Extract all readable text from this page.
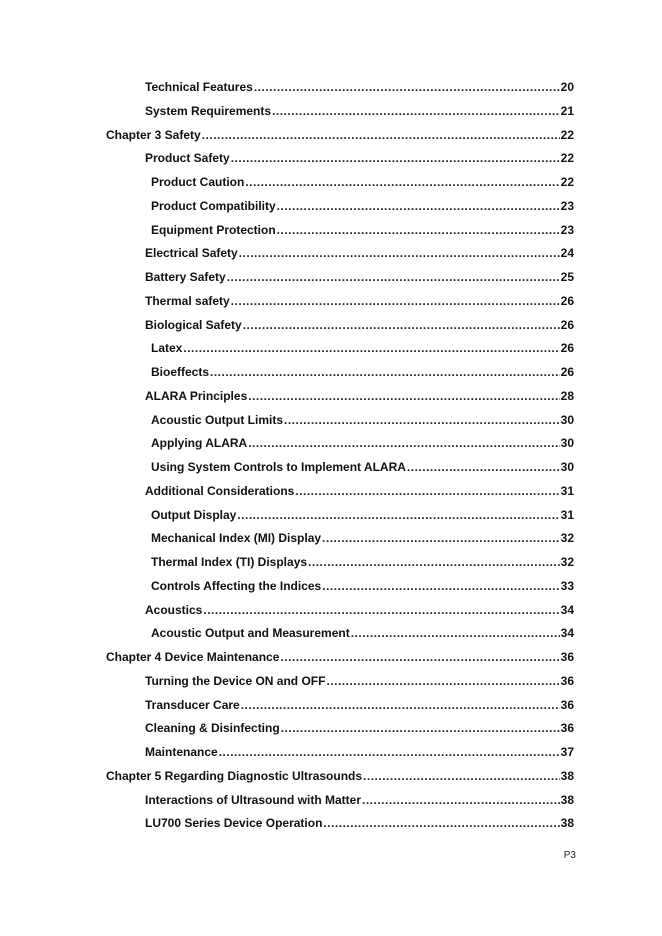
Technical Features .....	20
System Requirements .....	21
Chapter 3 Safety .....	22
Product Safety .....	22
Product Caution .....	22
Product Compatibility .....	23
Equipment Protection .....	23
Electrical Safety .....	24
Battery Safety .....	25
Thermal safety .....	26
Biological Safety .....	26
Latex .....	26
Bioeffects .....	26
ALARA Principles .....	28
Acoustic Output Limits .....	30
Applying ALARA .....	30
Using System Controls to Implement ALARA .....	30
Additional Considerations .....	31
Output Display .....	31
Mechanical Index (MI) Display .....	32
Thermal Index (TI) Displays .....	32
Controls Affecting the Indices .....	33
Acoustics .....	34
Acoustic Output and Measurement .....	34
Chapter 4 Device Maintenance .....	36
Turning the Device ON and OFF .....	36
Transducer Care .....	36
Cleaning & Disinfecting .....	36
Maintenance .....	37
Chapter 5 Regarding Diagnostic Ultrasounds .....	38
Interactions of Ultrasound with Matter .....	38
LU700 Series Device Operation .....	38
P3
